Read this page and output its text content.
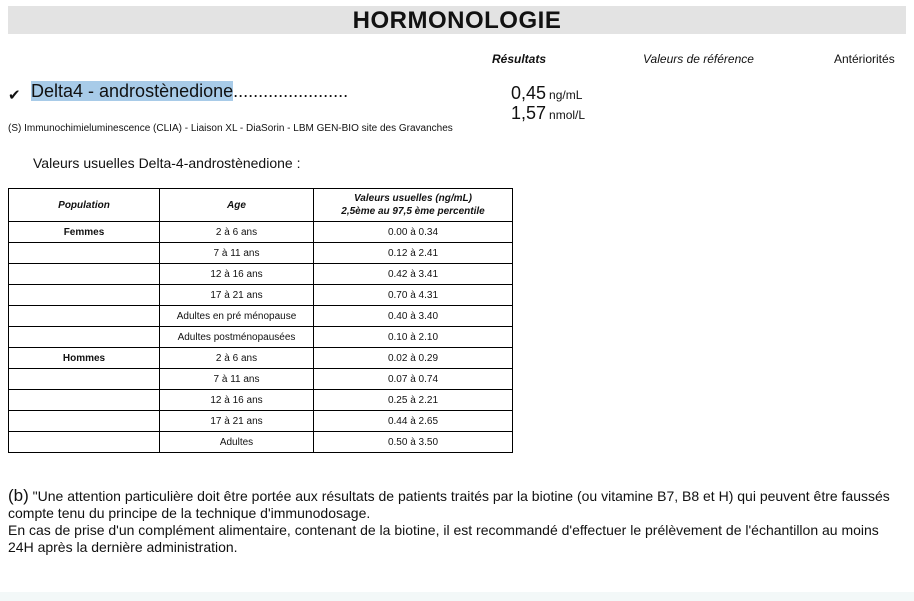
HORMONOLOGIE
Résultats	Valeurs de référence	Antériorités
✔ Delta4 - androstènedione.......................	0,45 ng/mL
1,57 nmol/L
(S) Immunochimieluminescence (CLIA) - Liaison XL - DiaSorin - LBM GEN-BIO site des Gravanches
Valeurs usuelles Delta-4-androstènedione :
Population	Age	Valeurs usuelles (ng/mL)
2,5ème au 97,5 ème percentile

Femmes	2 à 6 ans	0.00 à 0.34
	7 à 11 ans	0.12 à 2.41
	12 à 16 ans	0.42 à 3.41
	17 à 21 ans	0.70 à 4.31
	Adultes en pré ménopause	0.40 à 3.40
	Adultes postménopausées	0.10 à 2.10
Hommes	2 à 6 ans	0.02 à 0.29
	7 à 11 ans	0.07 à 0.74
	12 à 16 ans	0.25 à 2.21
	17 à 21 ans	0.44 à 2.65
	Adultes	0.50 à 3.50
(b) "Une attention particulière doit être portée aux résultats de patients traités par la biotine (ou vitamine B7, B8 et H) qui peuvent être faussés compte tenu du principe de la technique d'immunodosage.
En cas de prise d'un complément alimentaire, contenant de la biotine, il est recommandé d'effectuer le prélèvement de l'échantillon au moins 24H après la dernière administration.
